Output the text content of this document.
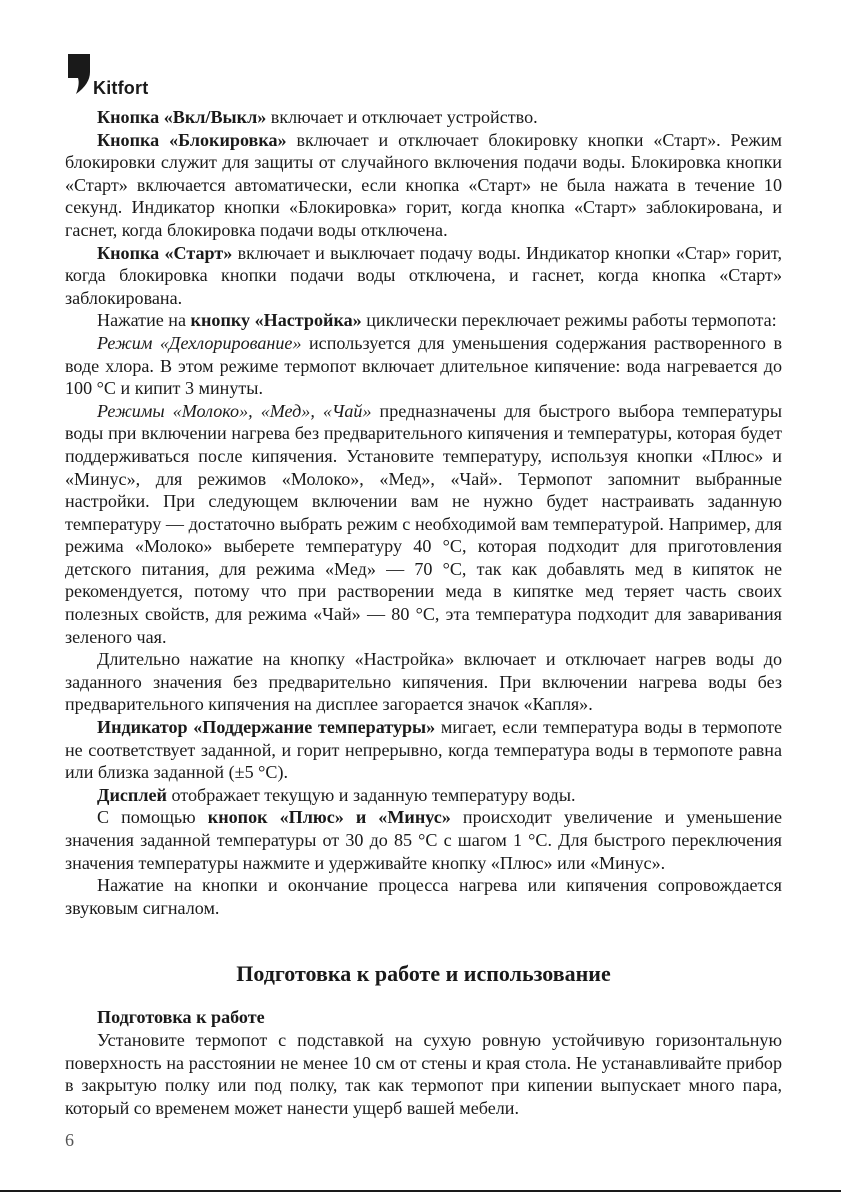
Kitfort

Кнопка «Вкл/Выкл» включает и отключает устройство.

Кнопка «Блокировка» включает и отключает блокировку кнопки «Старт». Режим блокировки служит для защиты от случайного включения подачи воды. Блокировка кнопки «Старт» включается автоматически, если кнопка «Старт» не была нажата в течение 10 секунд. Индикатор кнопки «Блокировка» горит, когда кнопка «Старт» заблокирована, и гаснет, когда блокировка подачи воды отключена.

Кнопка «Старт» включает и выключает подачу воды. Индикатор кнопки «Стар» горит, когда блокировка кнопки подачи воды отключена, и гаснет, когда кнопка «Старт» заблокирована.

Нажатие на кнопку «Настройка» циклически переключает режимы работы термопота:

Режим «Дехлорирование» используется для уменьшения содержания растворенного в воде хлора. В этом режиме термопот включает длительное кипячение: вода нагревается до 100 °С и кипит 3 минуты.

Режимы «Молоко», «Мед», «Чай» предназначены для быстрого выбора температуры воды при включении нагрева без предварительного кипячения и температуры, которая будет поддерживаться после кипячения. Установите температуру, используя кнопки «Плюс» и «Минус», для режимов «Молоко», «Мед», «Чай». Термопот запомнит выбранные настройки. При следующем включении вам не нужно будет настраивать заданную температуру — достаточно выбрать режим с необходимой вам температурой. Например, для режима «Молоко» выберете температуру 40 °С, которая подходит для приготовления детского питания, для режима «Мед» — 70 °С, так как добавлять мед в кипяток не рекомендуется, потому что при растворении меда в кипятке мед теряет часть своих полезных свойств, для режима «Чай» — 80 °С, эта температура подходит для заваривания зеленого чая.

Длительно нажатие на кнопку «Настройка» включает и отключает нагрев воды до заданного значения без предварительно кипячения. При включении нагрева воды без предварительного кипячения на дисплее загорается значок «Капля».

Индикатор «Поддержание температуры» мигает, если температура воды в термопоте не соответствует заданной, и горит непрерывно, когда температура воды в термопоте равна или близка заданной (±5 °С).

Дисплей отображает текущую и заданную температуру воды.

С помощью кнопок «Плюс» и «Минус» происходит увеличение и уменьшение значения заданной температуры от 30 до 85 °С с шагом 1 °С. Для быстрого переключения значения температуры нажмите и удерживайте кнопку «Плюс» или «Минус».

Нажатие на кнопки и окончание процесса нагрева или кипячения сопровождается звуковым сигналом.

Подготовка к работе и использование

Подготовка к работе

Установите термопот с подставкой на сухую ровную устойчивую горизонтальную поверхность на расстоянии не менее 10 см от стены и края стола. Не устанавливайте прибор в закрытую полку или под полку, так как термопот при кипении выпускает много пара, который со временем может нанести ущерб вашей мебели.

6
